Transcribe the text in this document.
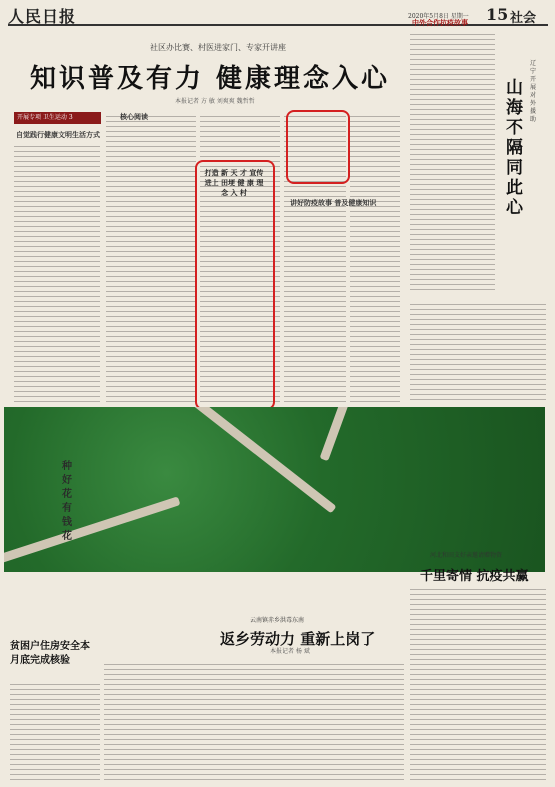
人民日报	2020年5月8日 星期一 15 社会
社区办比赛、村医进家门、专家开讲座
知识普及有力 健康理念入心
本报记者 方 敏 刘爽爽 魏哲哲
开展专项 卫生运动 3
自觉践行健康文明生活方式
核心阅读
讲好防疫故事 普及健康知识
打造 新 天 才 宣传进上 田埂 健 康 理 念 入 村
中外合作抗疫故事
辽宁开展对外援助
山海不隔同此心
种好花有钱花
河北和田支好亲邀请赠物资
千里寄情 抗疫共赢
云南镇赤乡洪毒东南
返乡劳动力 重新上岗了
本报记者 杨 斌
贫困户住房安全本月底完成核验
